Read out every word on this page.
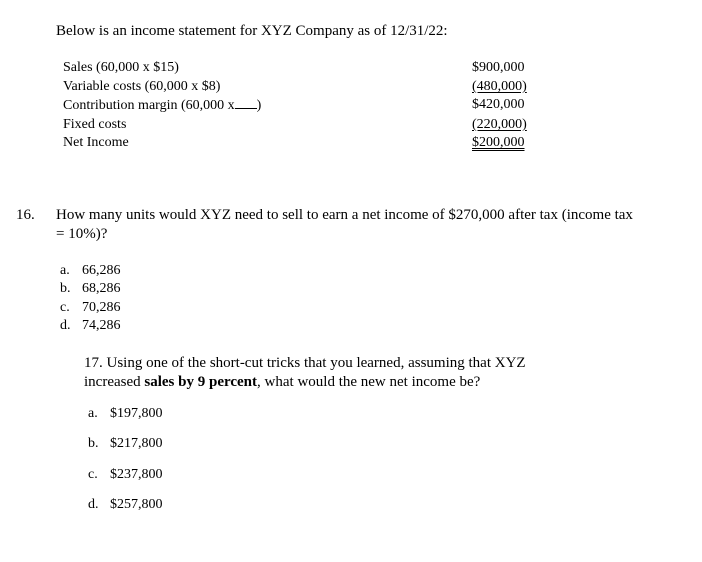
Below is an income statement for XYZ Company as of 12/31/22:
Sales (60,000 x $15)	$900,000
Variable costs (60,000 x $8)	(480,000)
Contribution margin (60,000 x )	$420,000
Fixed costs	(220,000)
Net Income	$200,000
16. How many units would XYZ need to sell to earn a net income of $270,000 after tax (income tax
= 10%)?
a. 66,286
b. 68,286
c. 70,286
d. 74,286
17. Using one of the short-cut tricks that you learned, assuming that XYZ
increased sales by 9 percent, what would the new net income be?
a. $197,800
b. $217,800
c. $237,800
d. $257,800
